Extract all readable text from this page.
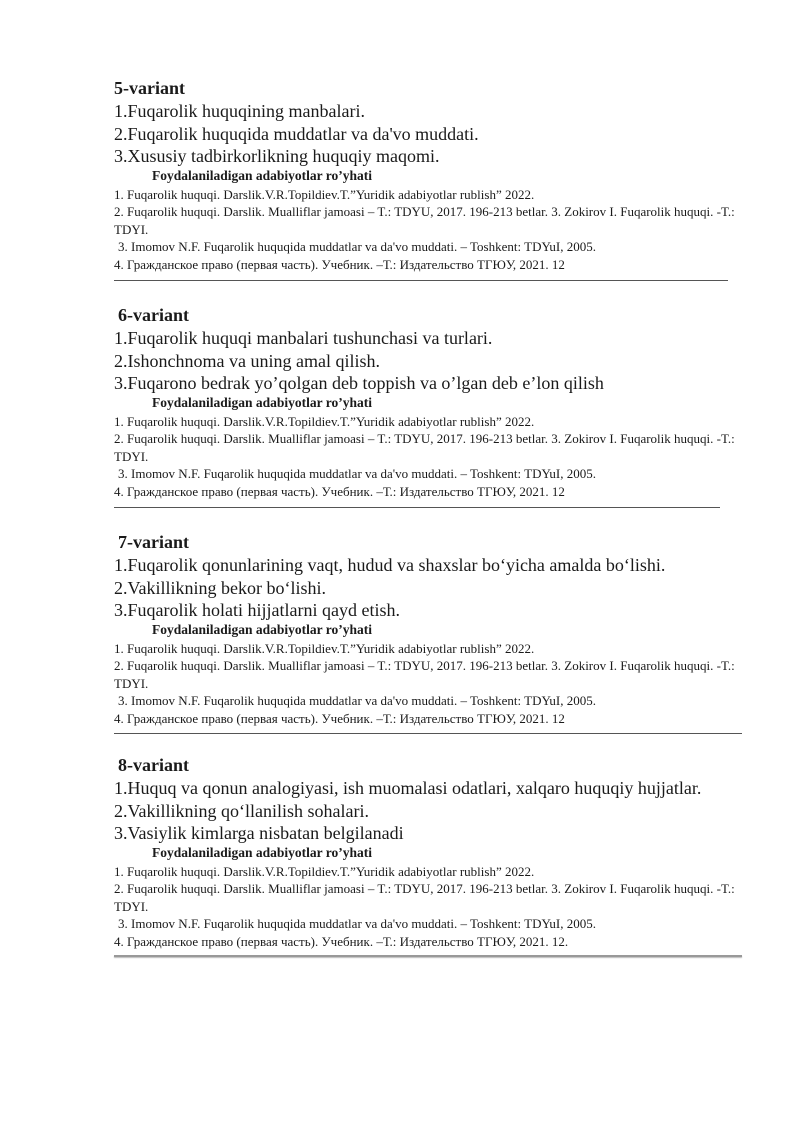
5-variant
1.Fuqarolik huquqining manbalari.
2.Fuqarolik huquqida muddatlar va da'vo muddati.
3.Xususiy tadbirkorlikning huquqiy maqomi.
Foydalaniladigan adabiyotlar ro’yhati
1. Fuqarolik huquqi. Darslik.V.R.Topildiev.T.”Yuridik adabiyotlar rublish” 2022.
2. Fuqarolik huquqi. Darslik. Mualliflar jamoasi – T.: TDYU, 2017. 196-213 betlar. 3. Zokirov I. Fuqarolik huquqi. -T.: TDYI.
3. Imomov N.F. Fuqarolik huquqida muddatlar va da'vo muddati. – Toshkent: TDYuI, 2005.
4. Гражданское право (первая часть). Учебник. –Т.: Издательство ТГЮУ, 2021. 12
6-variant
1.Fuqarolik huquqi manbalari tushunchasi va turlari.
2.Ishonchnoma va uning amal qilish.
3.Fuqarono bedrak yo’qolgan deb toppish va o’lgan deb e’lon qilish
Foydalaniladigan adabiyotlar ro’yhati
1. Fuqarolik huquqi. Darslik.V.R.Topildiev.T.”Yuridik adabiyotlar rublish” 2022.
2. Fuqarolik huquqi. Darslik. Mualliflar jamoasi – T.: TDYU, 2017. 196-213 betlar. 3. Zokirov I. Fuqarolik huquqi. -T.: TDYI.
3. Imomov N.F. Fuqarolik huquqida muddatlar va da'vo muddati. – Toshkent: TDYuI, 2005.
4. Гражданское право (первая часть). Учебник. –Т.: Издательство ТГЮУ, 2021. 12
7-variant
1.Fuqarolik qonunlarining vaqt, hudud va shaxslar bo‘yicha amalda bo‘lishi.
2.Vakillikning bekor bo‘lishi.
3.Fuqarolik holati hijjatlarni qayd etish.
Foydalaniladigan adabiyotlar ro’yhati
1. Fuqarolik huquqi. Darslik.V.R.Topildiev.T.”Yuridik adabiyotlar rublish” 2022.
2. Fuqarolik huquqi. Darslik. Mualliflar jamoasi – T.: TDYU, 2017. 196-213 betlar. 3. Zokirov I. Fuqarolik huquqi. -T.: TDYI.
3. Imomov N.F. Fuqarolik huquqida muddatlar va da'vo muddati. – Toshkent: TDYuI, 2005.
4. Гражданское право (первая часть). Учебник. –Т.: Издательство ТГЮУ, 2021. 12
8-variant
1.Huquq va qonun analogiyasi, ish muomalasi odatlari, xalqaro huquqiy hujjatlar.
2.Vakillikning qo‘llanilish sohalari.
3.Vasiylik kimlarga nisbatan belgilanadi
Foydalaniladigan adabiyotlar ro’yhati
1. Fuqarolik huquqi. Darslik.V.R.Topildiev.T.”Yuridik adabiyotlar rublish” 2022.
2. Fuqarolik huquqi. Darslik. Mualliflar jamoasi – T.: TDYU, 2017. 196-213 betlar. 3. Zokirov I. Fuqarolik huquqi. -T.: TDYI.
3. Imomov N.F. Fuqarolik huquqida muddatlar va da'vo muddati. – Toshkent: TDYuI, 2005.
4. Гражданское право (первая часть). Учебник. –Т.: Издательство ТГЮУ, 2021. 12.
